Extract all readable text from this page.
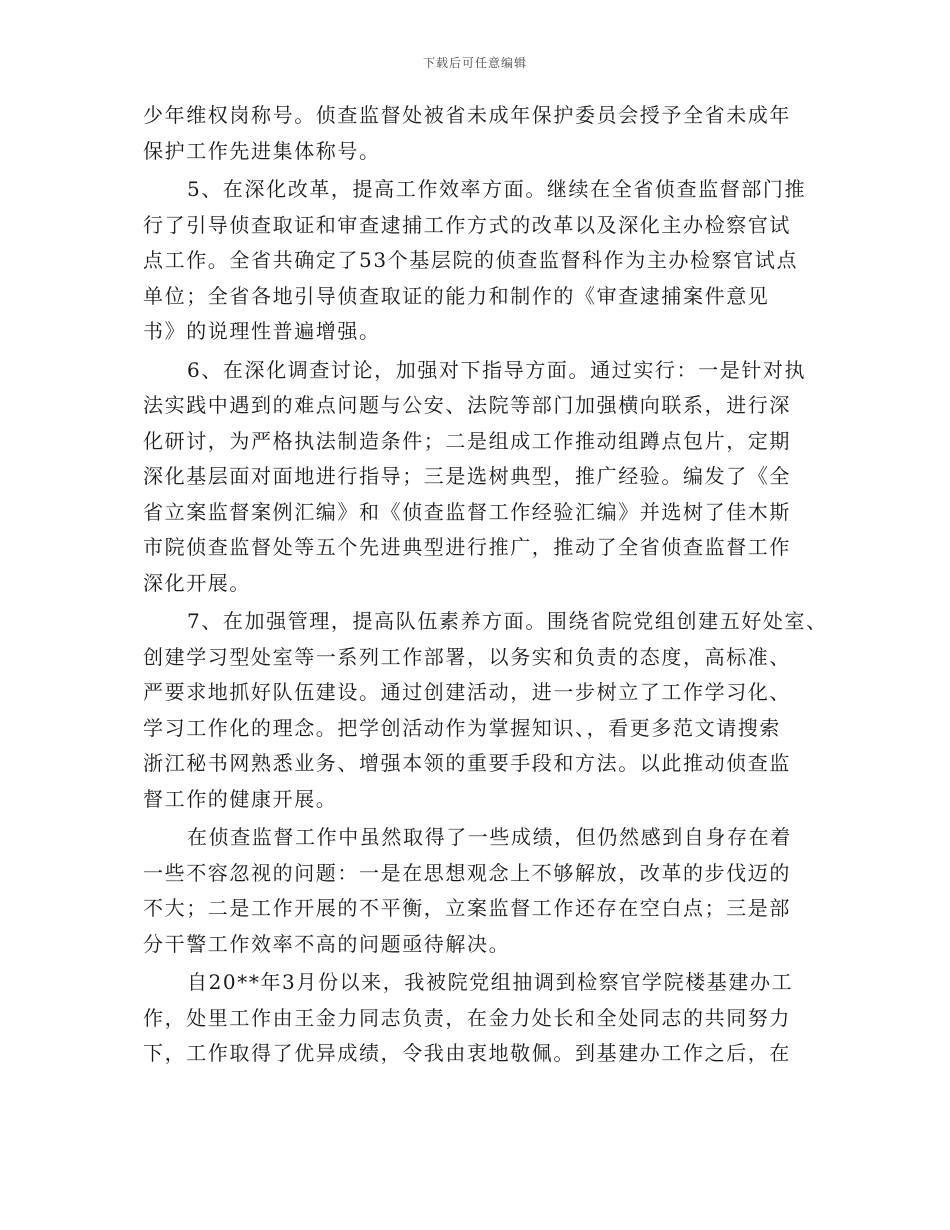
下载后可任意编辑
少年维权岗称号。侦查监督处被省未成年保护委员会授予全省未成年
保护工作先进集体称号。
5、在深化改革，提高工作效率方面。继续在全省侦查监督部门推
行了引导侦查取证和审查逮捕工作方式的改革以及深化主办检察官试
点工作。全省共确定了53个基层院的侦查监督科作为主办检察官试点
单位；全省各地引导侦查取证的能力和制作的《审查逮捕案件意见
书》的说理性普遍增强。
6、在深化调查讨论，加强对下指导方面。通过实行：一是针对执
法实践中遇到的难点问题与公安、法院等部门加强横向联系，进行深
化研讨，为严格执法制造条件；二是组成工作推动组蹲点包片，定期
深化基层面对面地进行指导；三是选树典型，推广经验。编发了《全
省立案监督案例汇编》和《侦查监督工作经验汇编》并选树了佳木斯
市院侦查监督处等五个先进典型进行推广，推动了全省侦查监督工作
深化开展。
7、在加强管理，提高队伍素养方面。围绕省院党组创建五好处室、
创建学习型处室等一系列工作部署，以务实和负责的态度，高标准、
严要求地抓好队伍建设。通过创建活动，进一步树立了工作学习化、
学习工作化的理念。把学创活动作为掌握知识、，看更多范文请搜索
浙江秘书网熟悉业务、增强本领的重要手段和方法。以此推动侦查监
督工作的健康开展。
在侦查监督工作中虽然取得了一些成绩，但仍然感到自身存在着
一些不容忽视的问题：一是在思想观念上不够解放，改革的步伐迈的
不大；二是工作开展的不平衡，立案监督工作还存在空白点；三是部
分干警工作效率不高的问题亟待解决。
自20**年3月份以来，我被院党组抽调到检察官学院楼基建办工
作，处里工作由王金力同志负责，在金力处长和全处同志的共同努力
下，工作取得了优异成绩，令我由衷地敬佩。到基建办工作之后，在
